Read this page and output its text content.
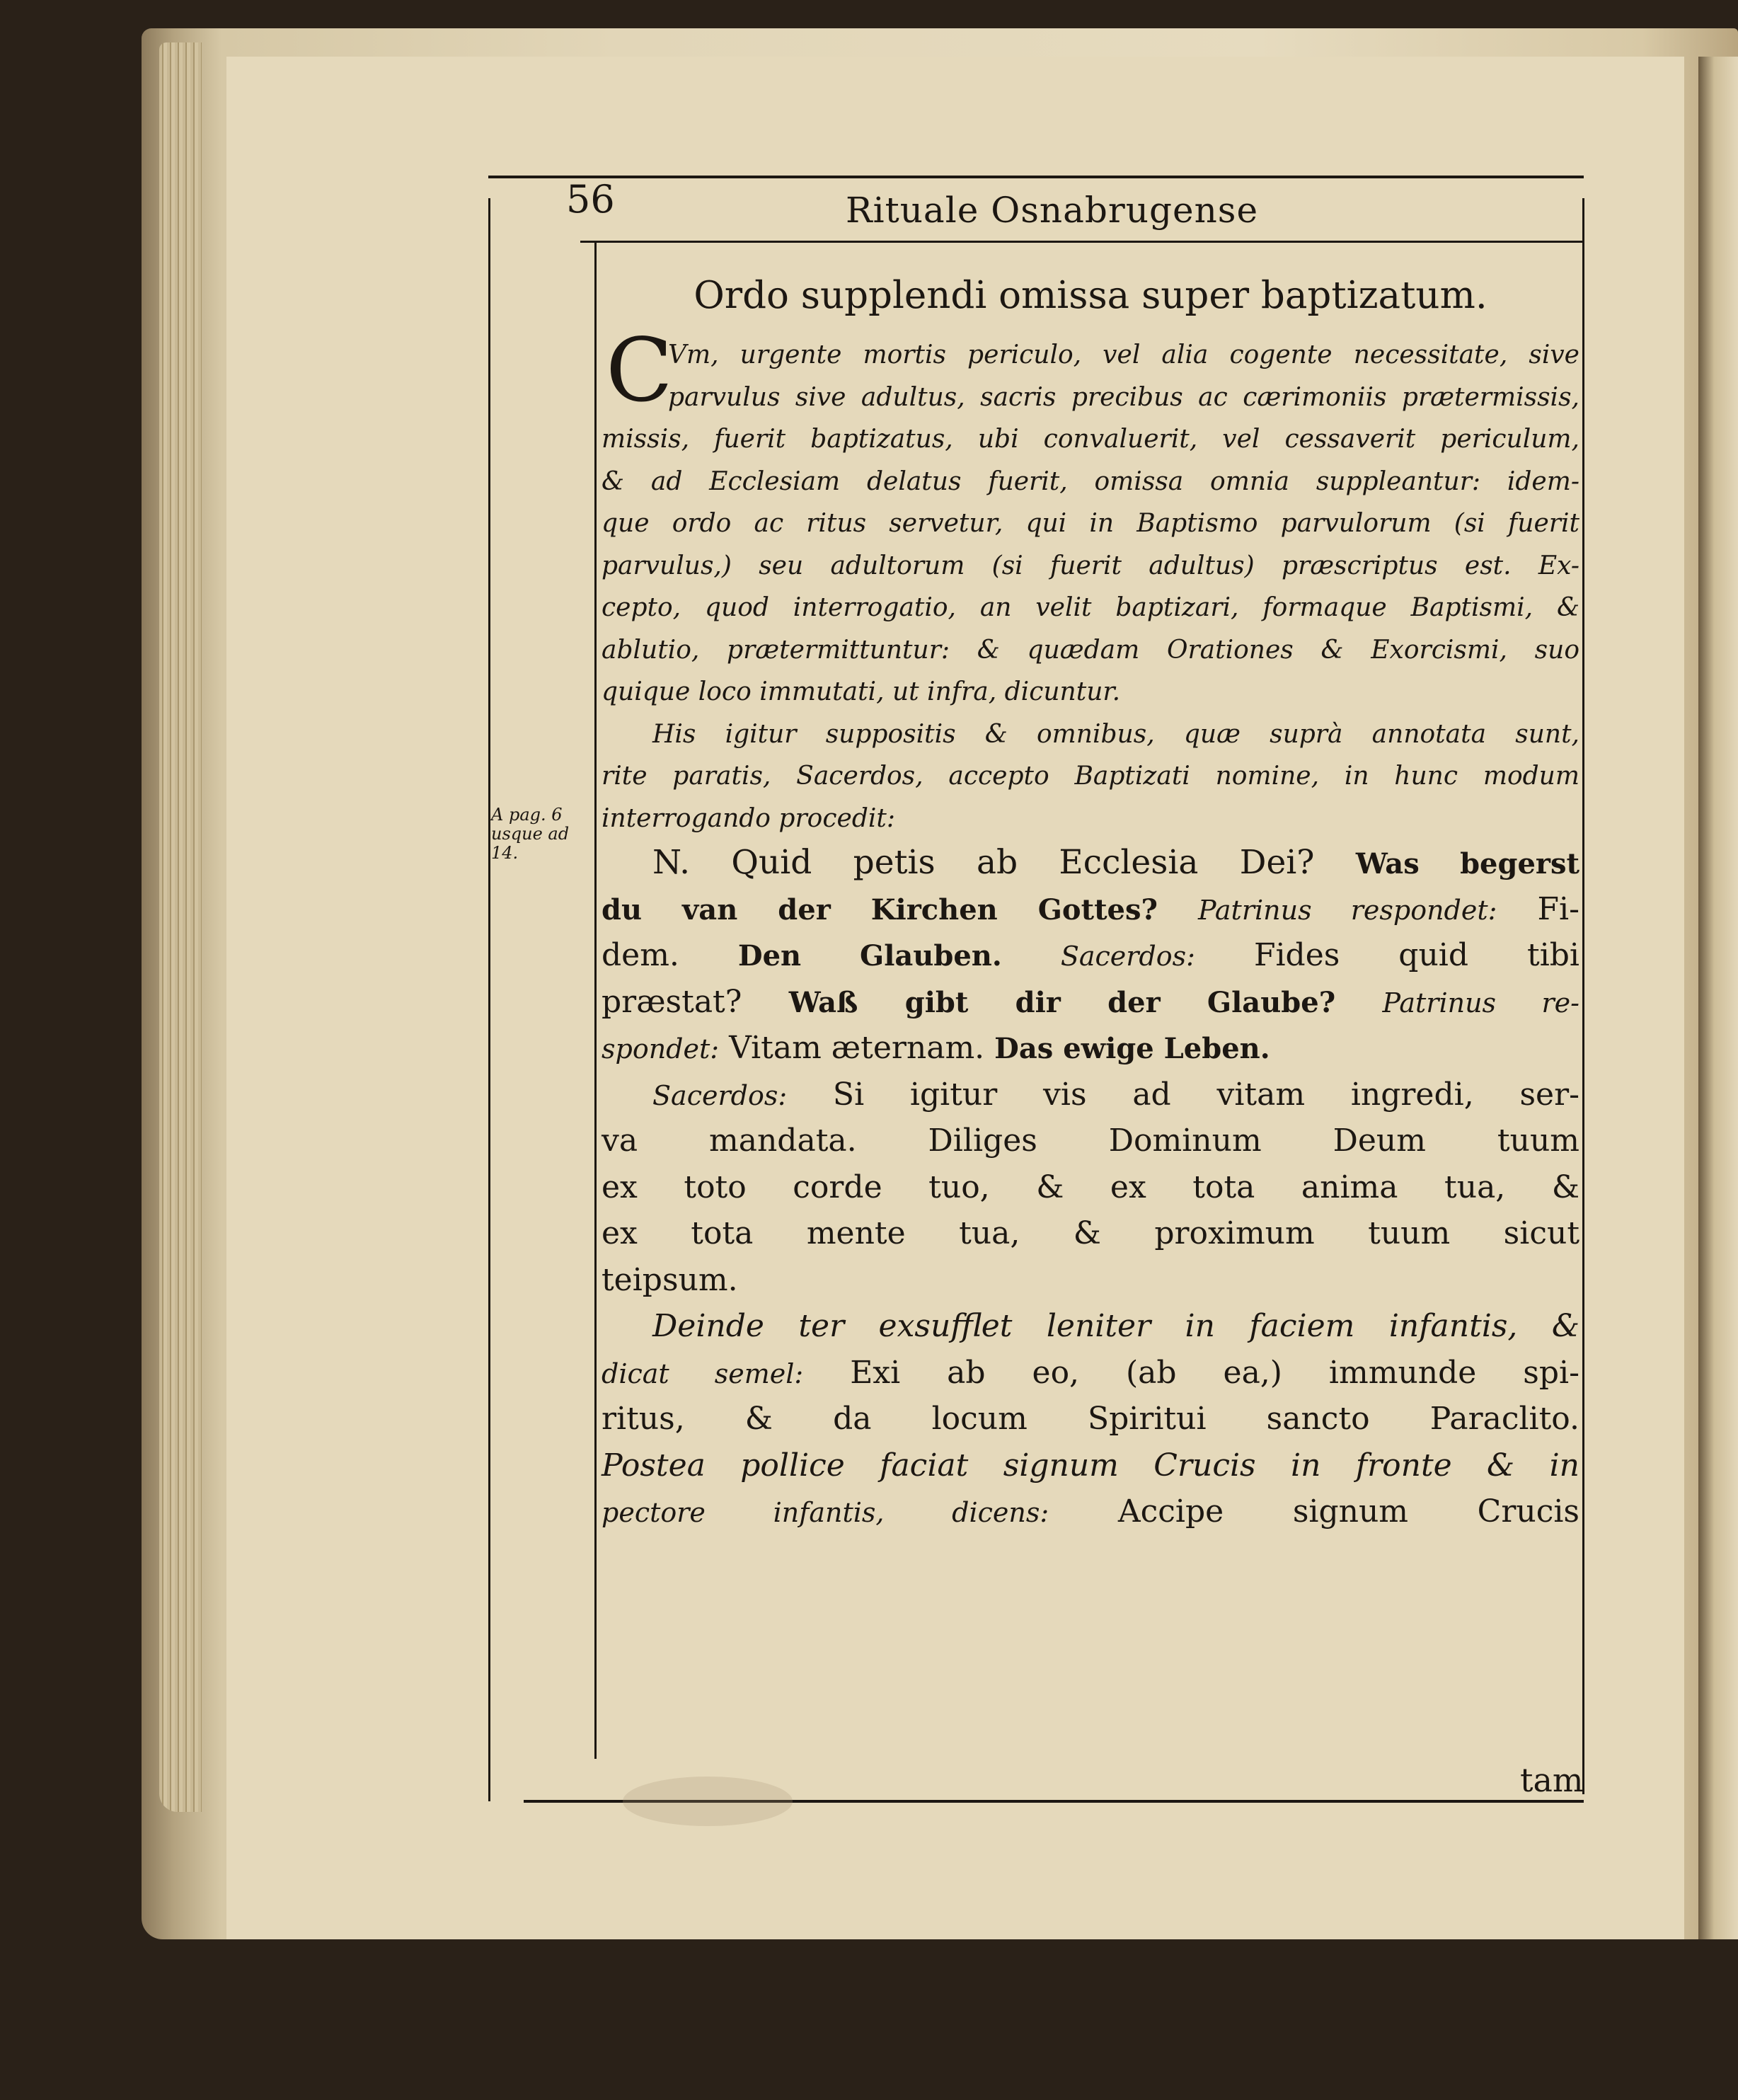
56	Rituale Osnabrugense
A pag. 6
usque ad
14.
Ordo supplendi omissa super baptizatum.
C

Vm, urgente mortis periculo, vel alia cogente necessitate, sive

parvulus sive adultus, sacris precibus ac cærimoniis prætermissis,

missis, fuerit baptizatus, ubi convaluerit, vel cessaverit periculum,

& ad Ecclesiam delatus fuerit, omissa omnia suppleantur: idem-

que ordo ac ritus servetur, qui in Baptismo parvulorum (si fuerit

parvulus,) seu adultorum (si fuerit adultus) præscriptus est. Ex-

cepto, quod interrogatio, an velit baptizari, formaque Baptismi, &

ablutio, prætermittuntur: & quædam Orationes & Exorcismi, suo

quique loco immutati, ut infra, dicuntur.

His igitur suppositis & omnibus, quæ suprà annotata sunt,

rite paratis, Sacerdos, accepto Baptizati nomine, in hunc modum

interrogando procedit:

N. Quid petis ab Ecclesia Dei? Was begerst

du van der Kirchen Gottes? Patrinus respondet: Fi-

dem. Den Glauben. Sacerdos: Fides quid tibi

præstat? Waß gibt dir der Glaube? Patrinus re-

spondet: Vitam æternam. Das ewige Leben.

Sacerdos: Si igitur vis ad vitam ingredi, ser-

va mandata. Diliges Dominum Deum tuum

ex toto corde tuo, & ex tota anima tua, &

ex tota mente tua, & proximum tuum sicut

teipsum.

Deinde ter exsufflet leniter in faciem infantis, &

dicat semel: Exi ab eo, (ab ea,) immunde spi-

ritus, & da locum Spiritui sancto Paraclito.

Postea pollice faciat signum Crucis in fronte & in

pectore infantis, dicens: Accipe signum Crucis

tam
